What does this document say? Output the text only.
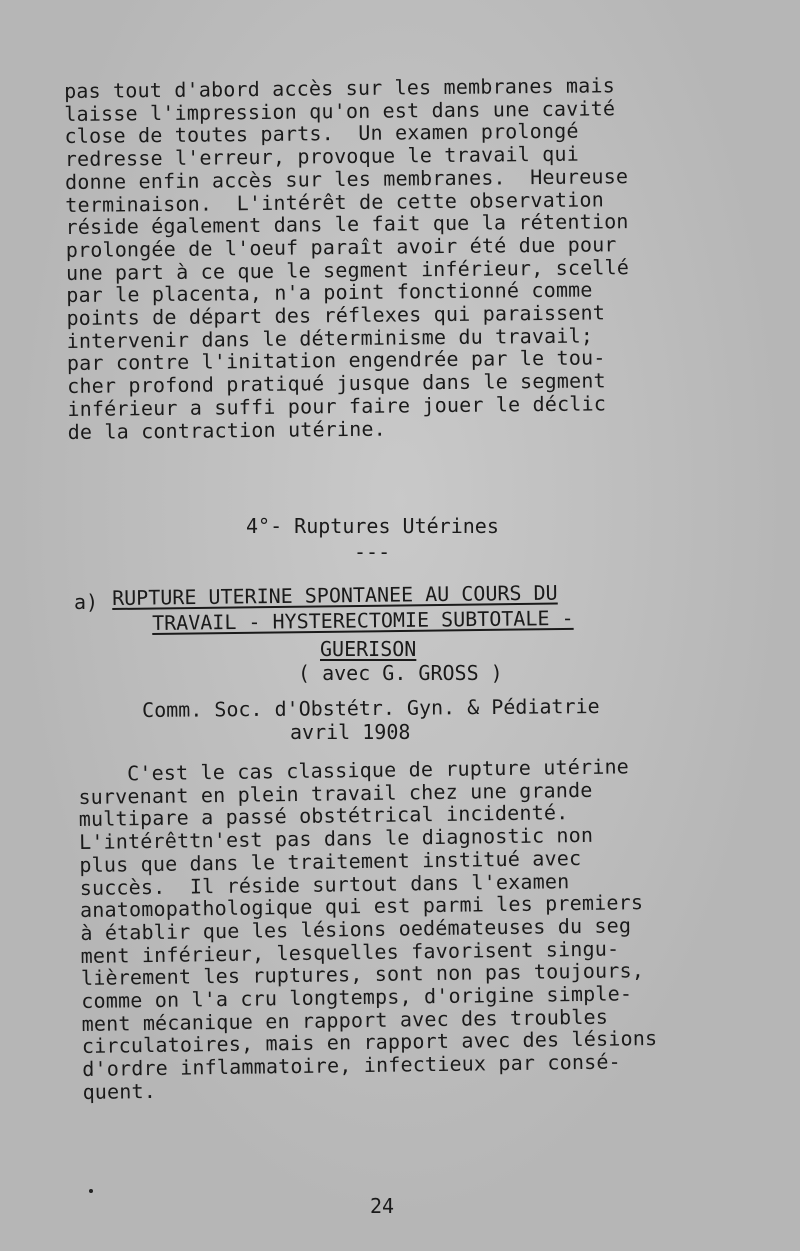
pas tout d'abord accès sur les membranes mais
laisse l'impression qu'on est dans une cavité
close de toutes parts.  Un examen prolongé
redresse l'erreur, provoque le travail qui
donne enfin accès sur les membranes.  Heureuse
terminaison.  L'intérêt de cette observation
réside également dans le fait que la rétention
prolongée de l'oeuf paraît avoir été due pour
une part à ce que le segment inférieur, scellé
par le placenta, n'a point fonctionné comme
points de départ des réflexes qui paraissent
intervenir dans le déterminisme du travail;
par contre l'initation engendrée par le tou-
cher profond pratiqué jusque dans le segment
inférieur a suffi pour faire jouer le déclic
de la contraction utérine.
4°- Ruptures Utérines
---
a) RUPTURE UTERINE SPONTANEE AU COURS DU
TRAVAIL - HYSTERECTOMIE SUBTOTALE -
GUERISON
( avec G. GROSS )
Comm. Soc. d'Obstétr. Gyn. & Pédiatrie
avril 1908
C'est le cas classique de rupture utérine
survenant en plein travail chez une grande
multipare a passé obstétrical incidenté.
L'intérêttn'est pas dans le diagnostic non
plus que dans le traitement institué avec
succès.  Il réside surtout dans l'examen
anatomopathologique qui est parmi les premiers
à établir que les lésions oedémateuses du seg
ment inférieur, lesquelles favorisent singu-
lièrement les ruptures, sont non pas toujours,
comme on l'a cru longtemps, d'origine simple-
ment mécanique en rapport avec des troubles
circulatoires, mais en rapport avec des lésions
d'ordre inflammatoire, infectieux par consé-
quent.
24
